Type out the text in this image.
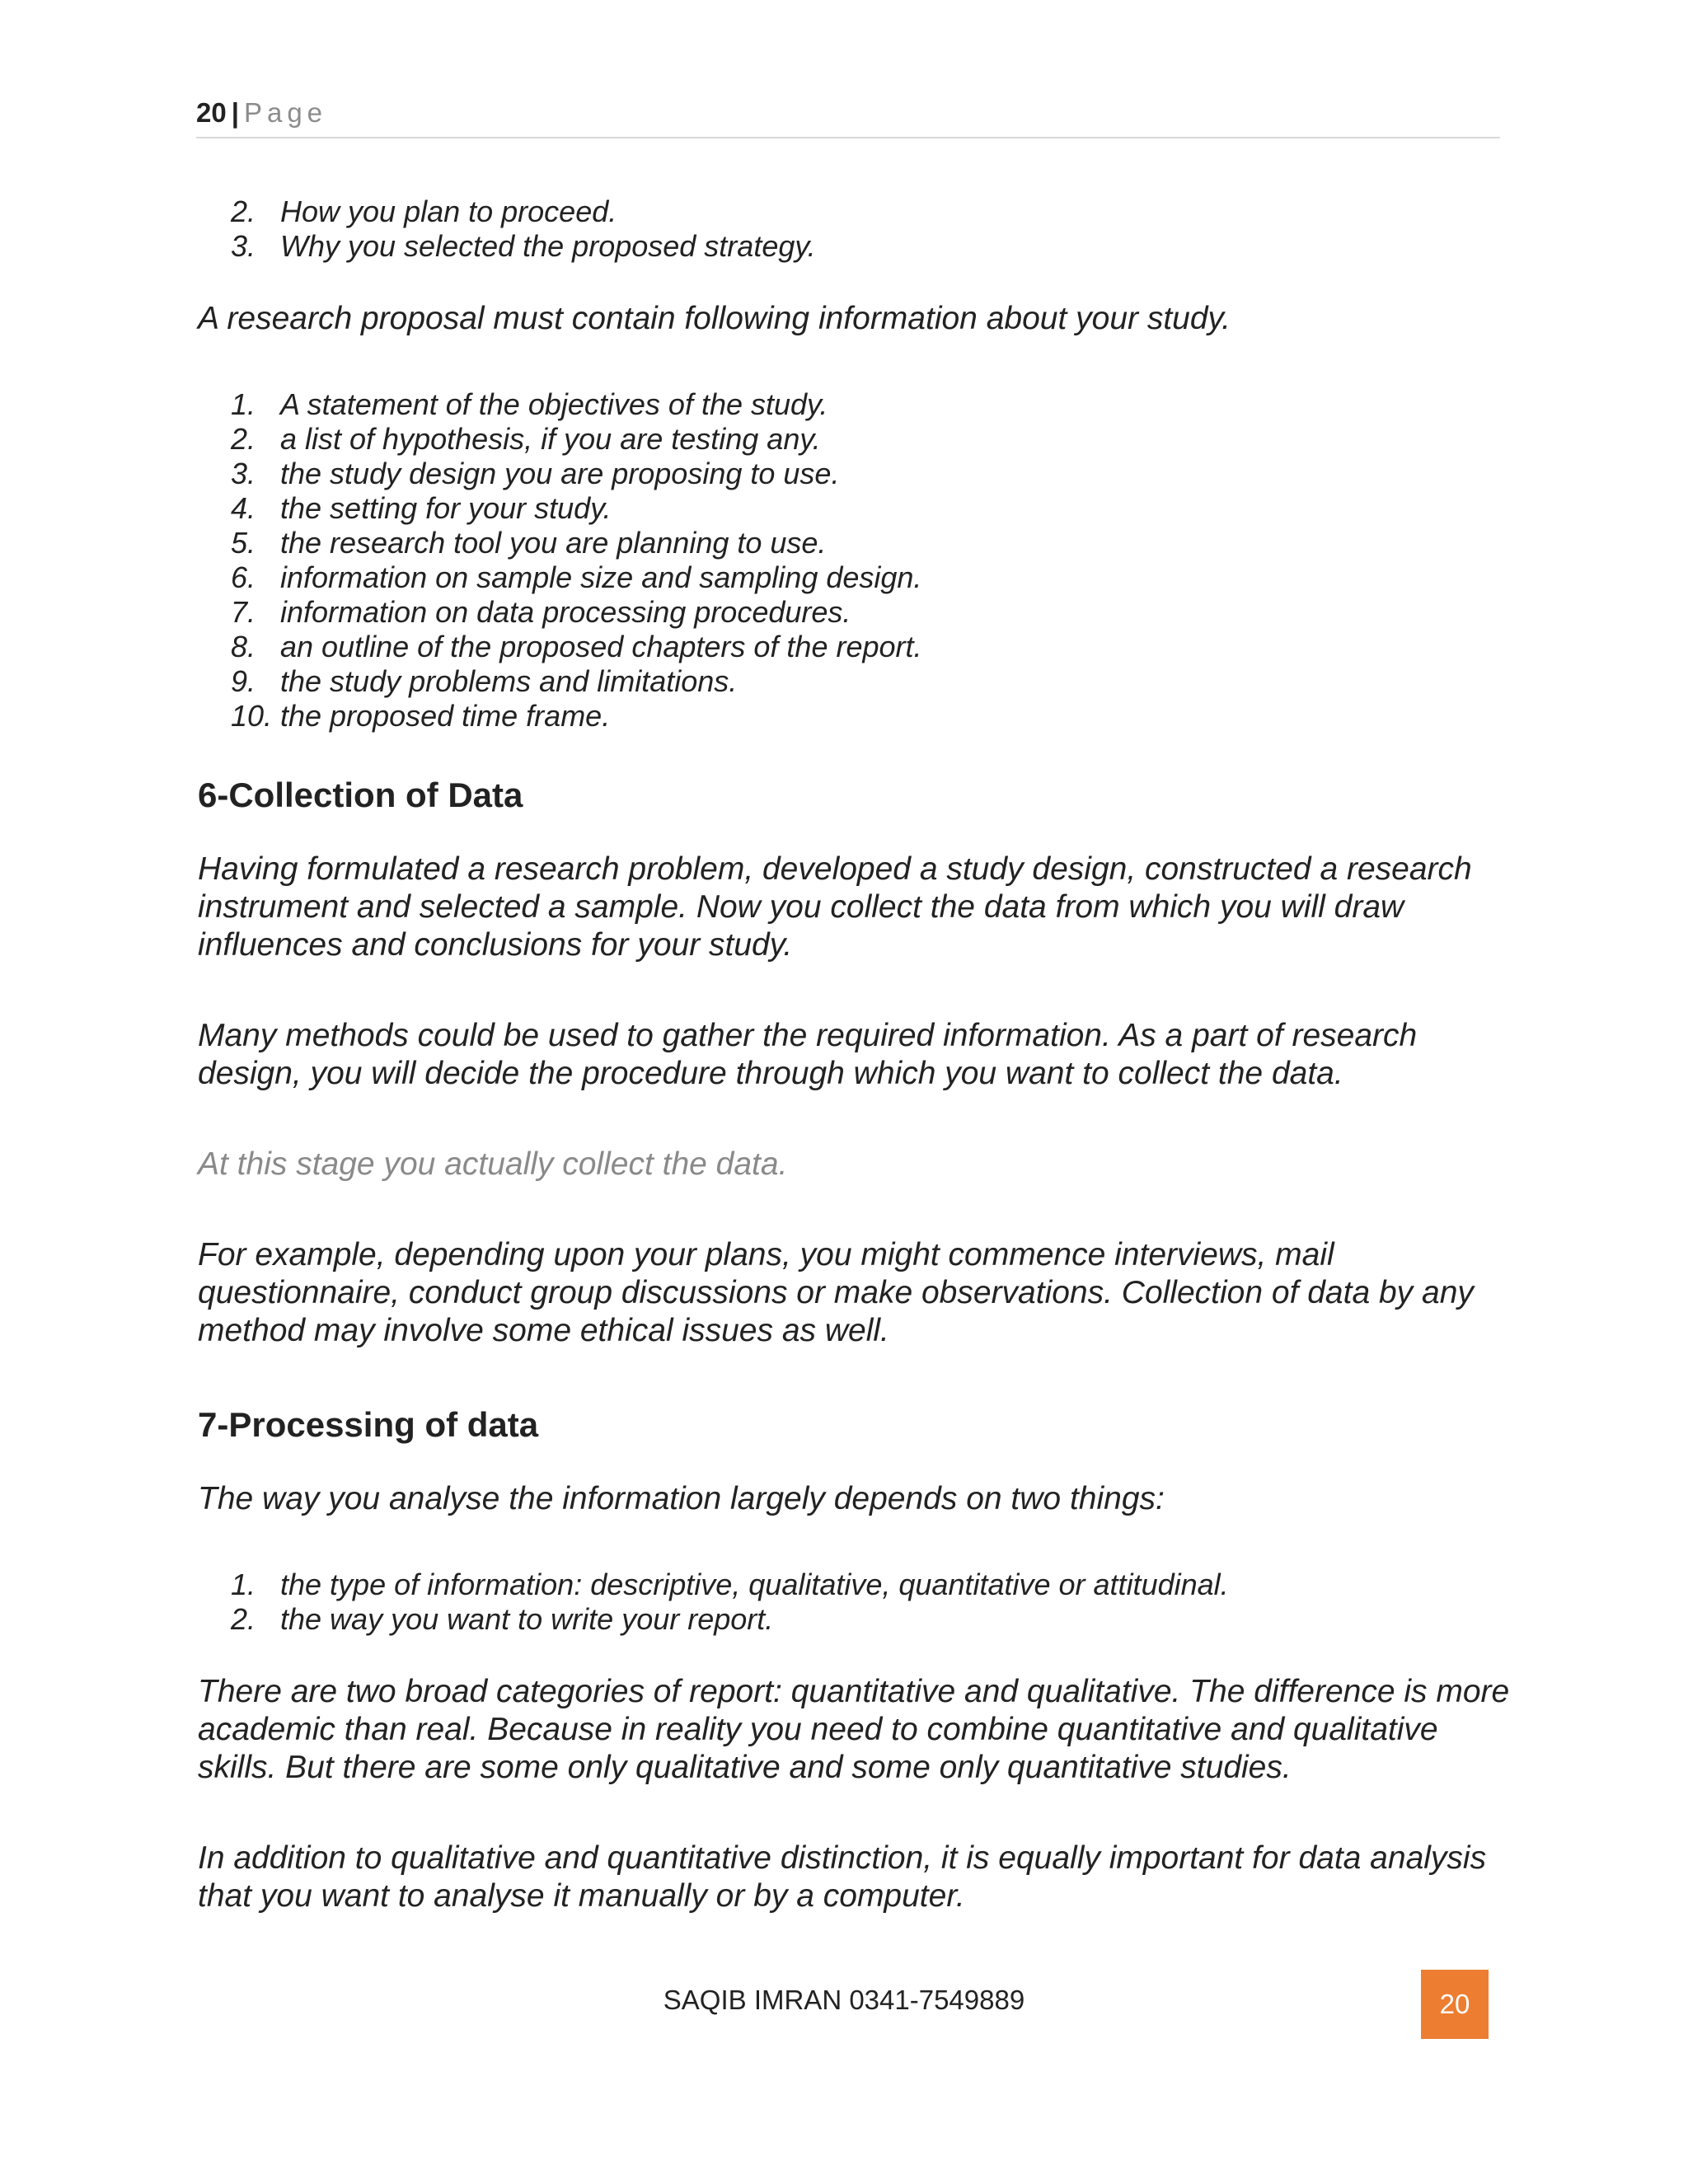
20 | Page
2. How you plan to proceed.
3. Why you selected the proposed strategy.

A research proposal must contain following information about your study.

1. A statement of the objectives of the study.
2. a list of hypothesis, if you are testing any.
3. the study design you are proposing to use.
4. the setting for your study.
5. the research tool you are planning to use.
6. information on sample size and sampling design.
7. information on data processing procedures.
8. an outline of the proposed chapters of the report.
9. the study problems and limitations.
10. the proposed time frame.
6-Collection of Data

Having formulated a research problem, developed a study design, constructed a research instrument and selected a sample. Now you collect the data from which you will draw influences and conclusions for your study.

Many methods could be used to gather the required information. As a part of research design, you will decide the procedure through which you want to collect the data.

At this stage you actually collect the data.

For example, depending upon your plans, you might commence interviews, mail questionnaire, conduct group discussions or make observations. Collection of data by any method may involve some ethical issues as well.

7-Processing of data

The way you analyse the information largely depends on two things:

1. the type of information: descriptive, qualitative, quantitative or attitudinal.
2. the way you want to write your report.

There are two broad categories of report: quantitative and qualitative. The difference is more academic than real. Because in reality you need to combine quantitative and qualitative skills. But there are some only qualitative and some only quantitative studies.

In addition to qualitative and quantitative distinction, it is equally important for data analysis that you want to analyse it manually or by a computer.

SAQIB IMRAN 0341-7549889	20
